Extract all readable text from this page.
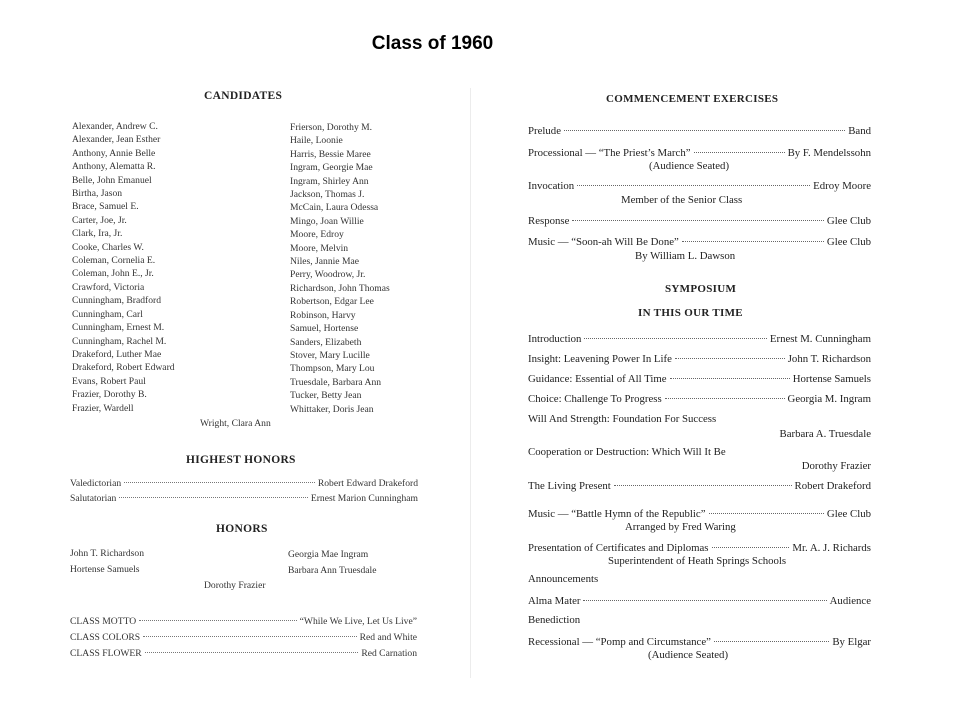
Class of 1960
CANDIDATES
Alexander, Andrew C.
Alexander, Jean Esther
Anthony, Annie Belle
Anthony, Alematta R.
Belle, John Emanuel
Birtha, Jason
Brace, Samuel E.
Carter, Joe, Jr.
Clark, Ira, Jr.
Cooke, Charles W.
Coleman, Cornelia E.
Coleman, John E., Jr.
Crawford, Victoria
Cunningham, Bradford
Cunningham, Carl
Cunningham, Ernest M.
Cunningham, Rachel M.
Drakeford, Luther Mae
Drakeford, Robert Edward
Evans, Robert Paul
Frazier, Dorothy B.
Frazier, Wardell
Frierson, Dorothy M.
Haile, Loonie
Harris, Bessie Maree
Ingram, Georgie Mae
Ingram, Shirley Ann
Jackson, Thomas J.
McCain, Laura Odessa
Mingo, Joan Willie
Moore, Edroy
Moore, Melvin
Niles, Jannie Mae
Perry, Woodrow, Jr.
Richardson, John Thomas
Robertson, Edgar Lee
Robinson, Harvy
Samuel, Hortense
Sanders, Elizabeth
Stover, Mary Lucille
Thompson, Mary Lou
Truesdale, Barbara Ann
Tucker, Betty Jean
Whittaker, Doris Jean
Wright, Clara Ann
HIGHEST HONORS
Valedictorian	Robert Edward Drakeford
Salutatorian	Ernest Marion Cunningham
HONORS
John T. Richardson	Georgia Mae Ingram
Hortense Samuels	Barbara Ann Truesdale
Dorothy Frazier
CLASS MOTTO	“While We Live, Let Us Live”
CLASS COLORS	Red and White
CLASS FLOWER	Red Carnation
COMMENCEMENT EXERCISES
Prelude	Band
Processional — “The Priest’s March”	By F. Mendelssohn
(Audience Seated)
Invocation	Edroy Moore
Member of the Senior Class
Response	Glee Club
Music — “Soon-ah Will Be Done”	Glee Club
By William L. Dawson
SYMPOSIUM
IN THIS OUR TIME
Introduction	Ernest M. Cunningham
Insight: Leavening Power In Life	John T. Richardson
Guidance: Essential of All Time	Hortense Samuels
Choice: Challenge To Progress	Georgia M. Ingram
Will And Strength: Foundation For Success
Barbara A. Truesdale
Cooperation or Destruction: Which Will It Be
Dorothy Frazier
The Living Present	Robert Drakeford
Music — “Battle Hymn of the Republic”	Glee Club
Arranged by Fred Waring
Presentation of Certificates and Diplomas	Mr. A. J. Richards
Superintendent of Heath Springs Schools
Announcements
Alma Mater	Audience
Benediction
Recessional — “Pomp and Circumstance”	By Elgar
(Audience Seated)
